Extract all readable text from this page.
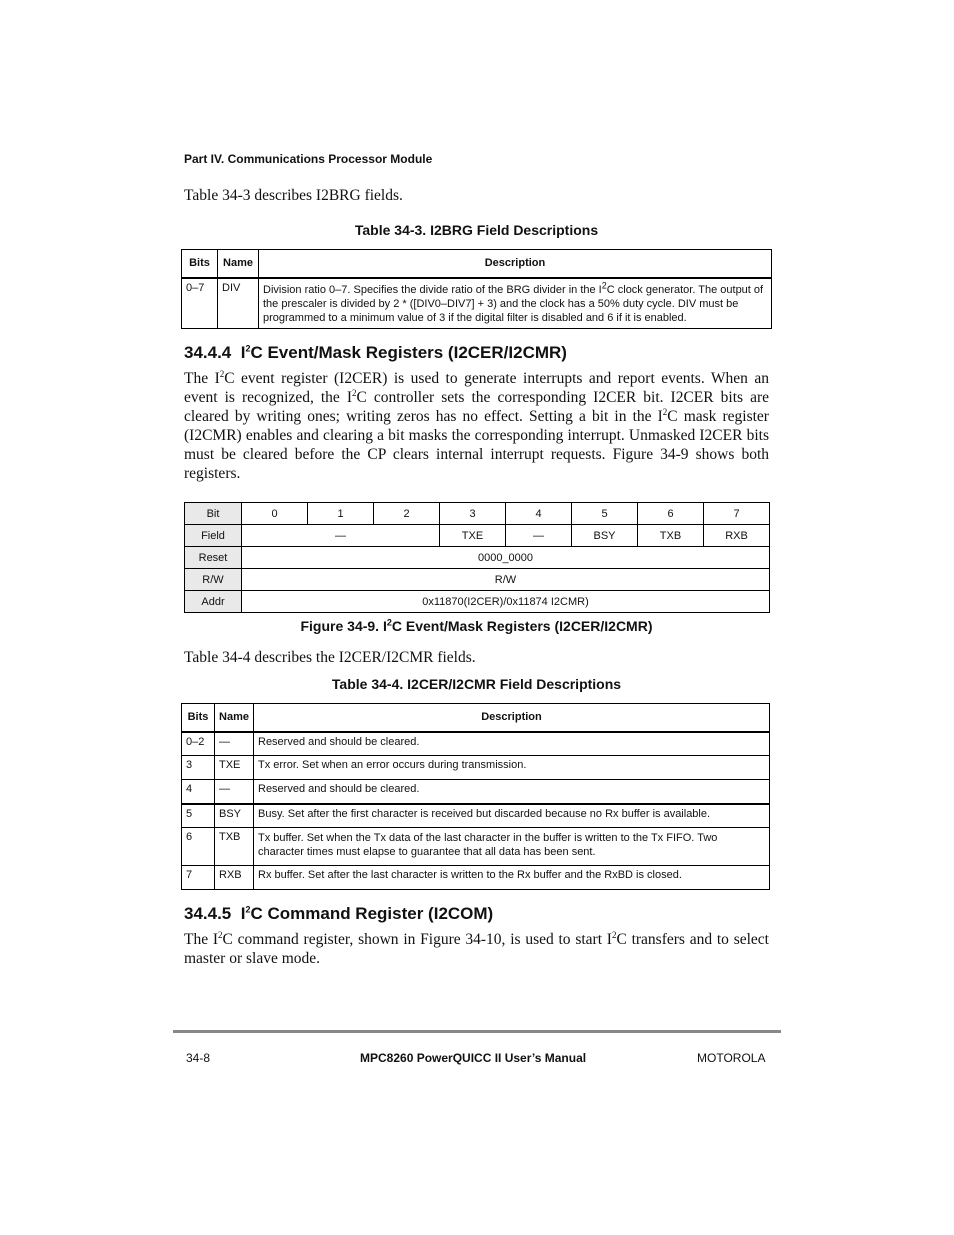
Part IV. Communications Processor Module
Table 34-3 describes I2BRG fields.
Table 34-3. I2BRG Field Descriptions
Bits	Name	Description
0–7	DIV	Division ratio 0–7. Specifies the divide ratio of the BRG divider in the $I^2C$ clock generator. The output of the prescaler is divided by 2 * ([DIV0–DIV7] + 3) and the clock has a 50% duty cycle. DIV must be programmed to a minimum value of 3 if the digital filter is disabled and 6 if it is enabled.
34.4.4 $I^2C$ Event/Mask Registers (I2CER/I2CMR)
The $I^2C$ event register (I2CER) is used to generate interrupts and report events. When an event is recognized, the $I^2C$ controller sets the corresponding I2CER bit. I2CER bits are cleared by writing ones; writing zeros has no effect. Setting a bit in the $I^2C$ mask register (I2CMR) enables and clearing a bit masks the corresponding interrupt. Unmasked I2CER bits must be cleared before the CP clears internal interrupt requests. Figure 34-9 shows both registers.
Bit	0	1	2	3	4	5	6	7
Field	—			TXE	—	BSY	TXB	RXB
Reset	0000_0000							
R/W	R/W							
Addr	0x11870(I2CER)/0x11874 I2CMR)							
Figure 34-9. $I^2C$ Event/Mask Registers (I2CER/I2CMR)
Table 34-4 describes the I2CER/I2CMR fields.
Table 34-4. I2CER/I2CMR Field Descriptions
Bits	Name	Description
0–2	—	Reserved and should be cleared.
3	TXE	Tx error. Set when an error occurs during transmission.
4	—	Reserved and should be cleared.
5	BSY	Busy. Set after the first character is received but discarded because no Rx buffer is available.
6	TXB	Tx buffer. Set when the Tx data of the last character in the buffer is written to the Tx FIFO. Two character times must elapse to guarantee that all data has been sent.
7	RXB	Rx buffer. Set after the last character is written to the Rx buffer and the RxBD is closed.
34.4.5 $I^2C$ Command Register (I2COM)
The $I^2C$ command register, shown in Figure 34-10, is used to start $I^2C$ transfers and to select master or slave mode.
34-8	MPC8260 PowerQUICC II User’s Manual	MOTOROLA
